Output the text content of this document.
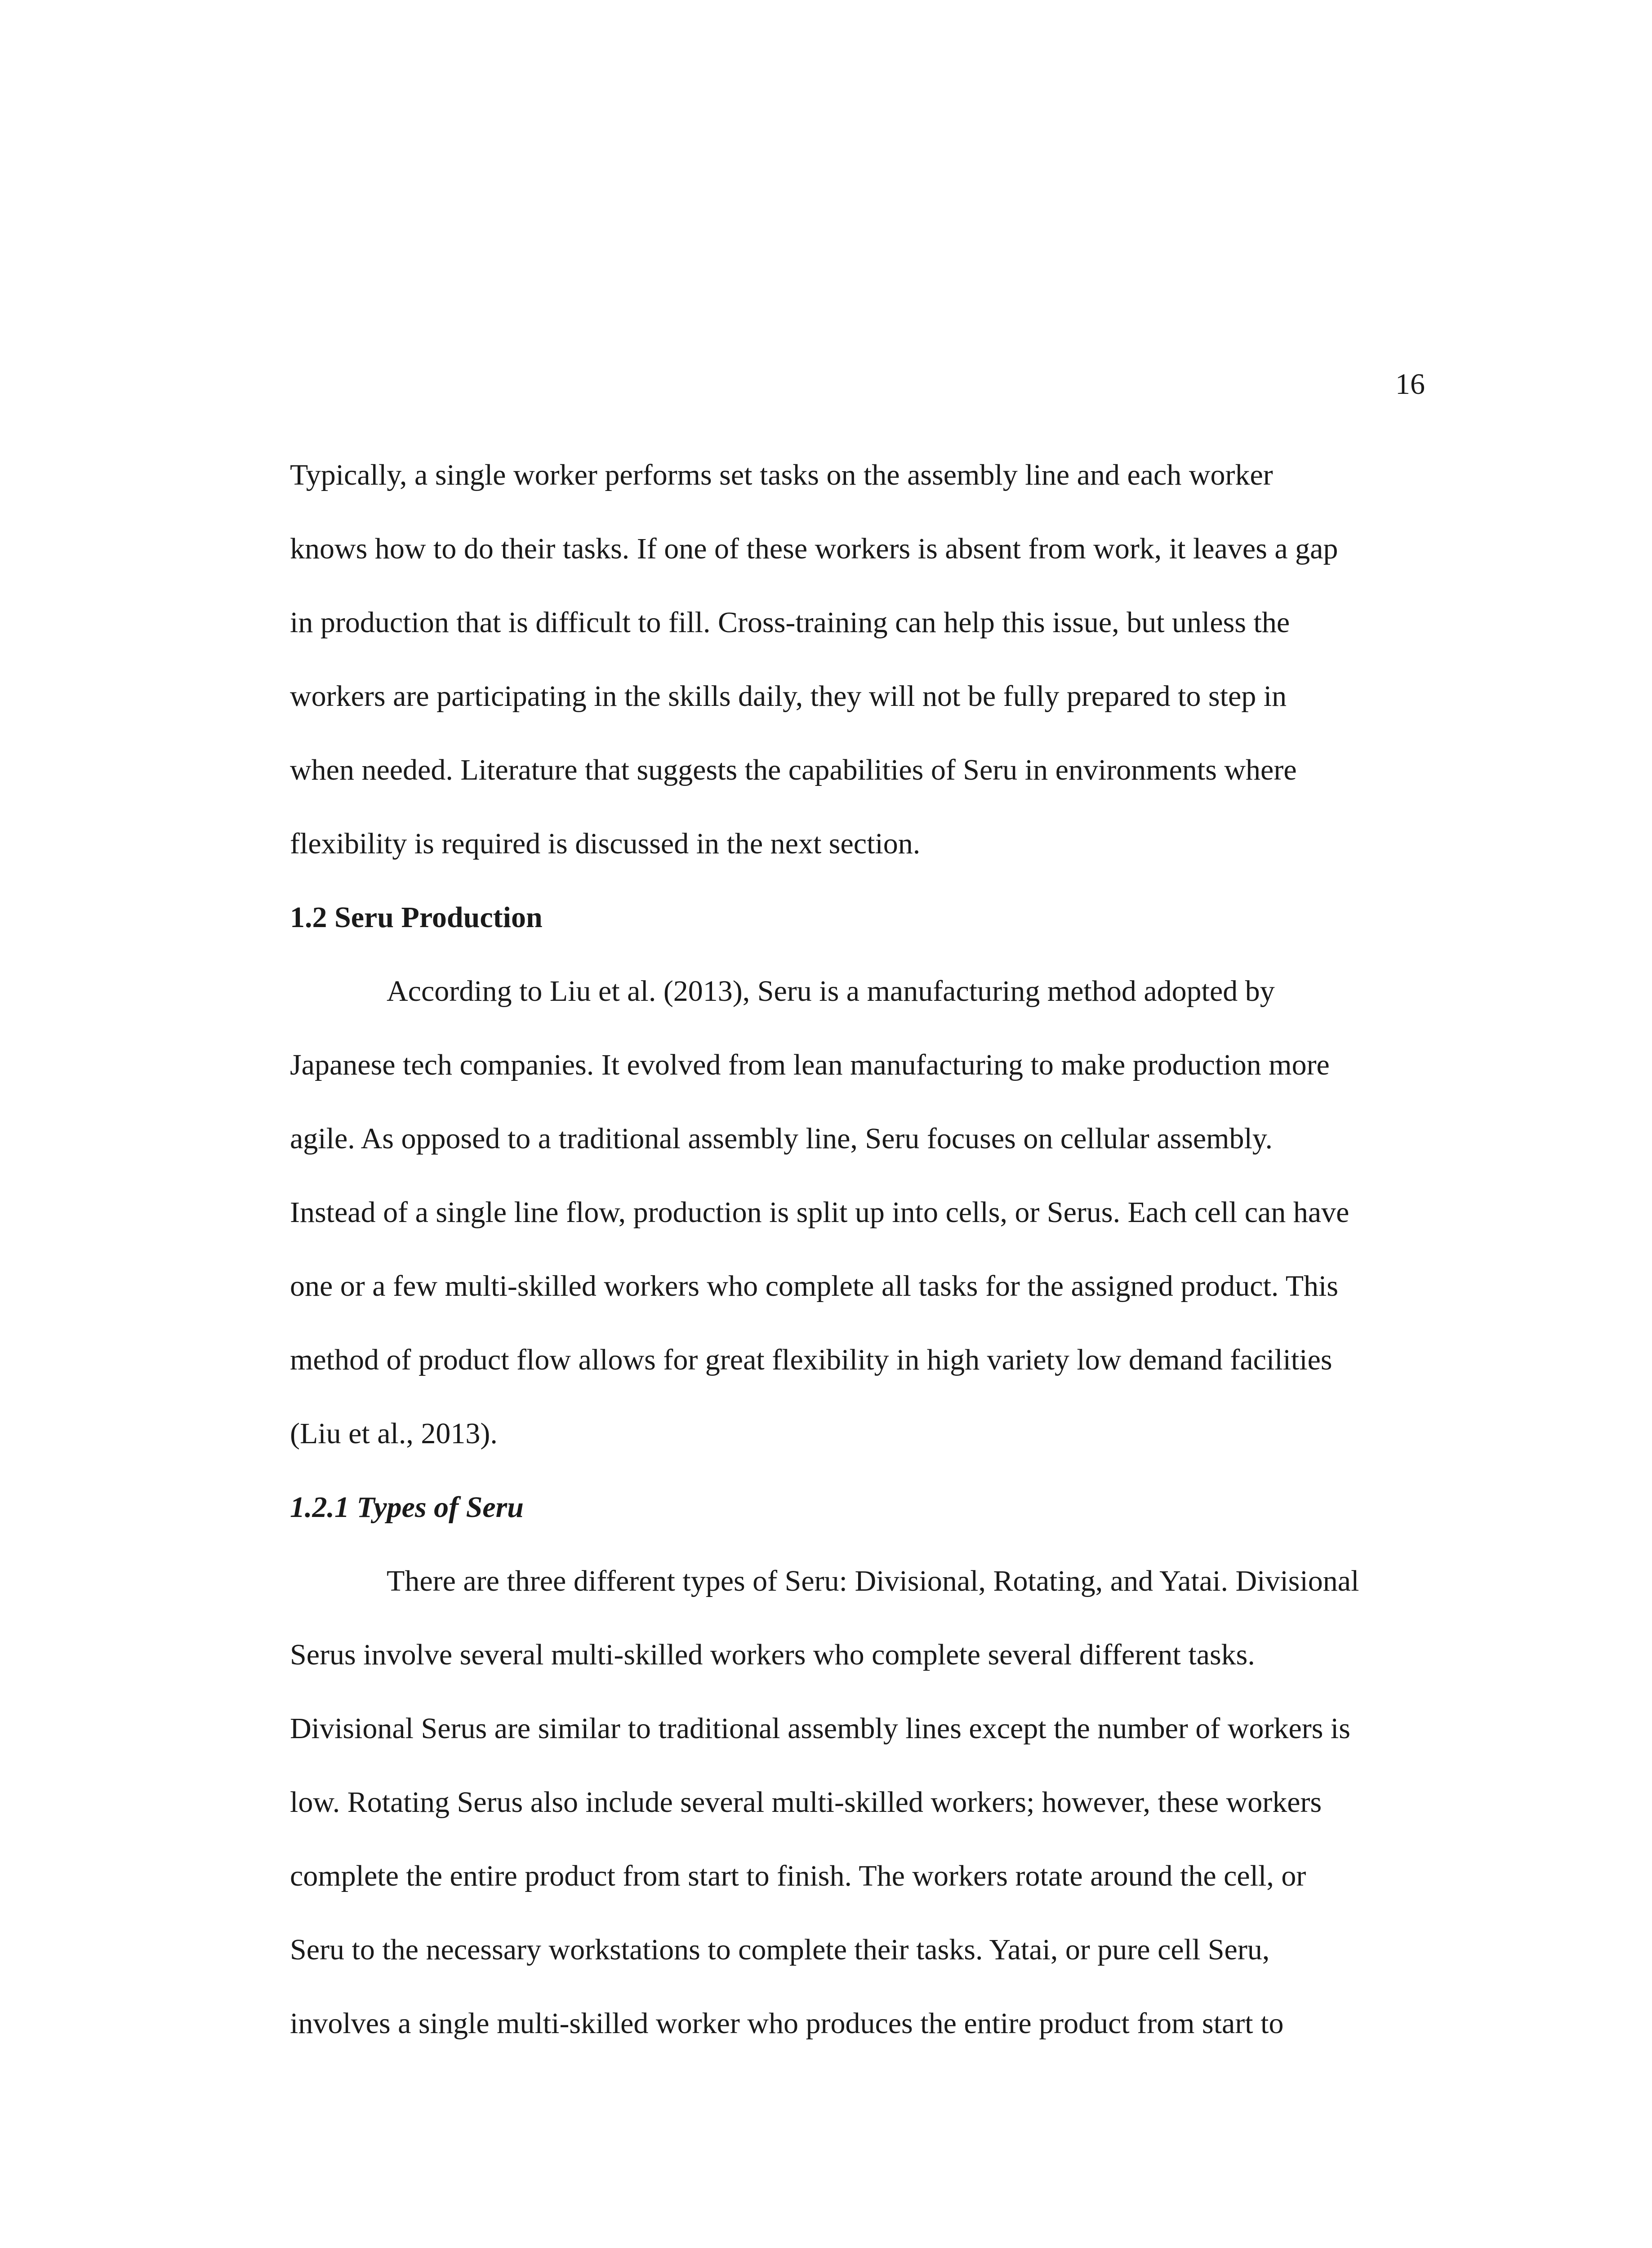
16

Typically, a single worker performs set tasks on the assembly line and each worker
knows how to do their tasks. If one of these workers is absent from work, it leaves a gap
in production that is difficult to fill. Cross-training can help this issue, but unless the
workers are participating in the skills daily, they will not be fully prepared to step in
when needed. Literature that suggests the capabilities of Seru in environments where
flexibility is required is discussed in the next section.

1.2 Seru Production

According to Liu et al. (2013), Seru is a manufacturing method adopted by
Japanese tech companies. It evolved from lean manufacturing to make production more
agile. As opposed to a traditional assembly line, Seru focuses on cellular assembly.
Instead of a single line flow, production is split up into cells, or Serus. Each cell can have
one or a few multi-skilled workers who complete all tasks for the assigned product. This
method of product flow allows for great flexibility in high variety low demand facilities
(Liu et al., 2013).

1.2.1 Types of Seru

There are three different types of Seru: Divisional, Rotating, and Yatai. Divisional
Serus involve several multi-skilled workers who complete several different tasks.
Divisional Serus are similar to traditional assembly lines except the number of workers is
low. Rotating Serus also include several multi-skilled workers; however, these workers
complete the entire product from start to finish. The workers rotate around the cell, or
Seru to the necessary workstations to complete their tasks. Yatai, or pure cell Seru,
involves a single multi-skilled worker who produces the entire product from start to
